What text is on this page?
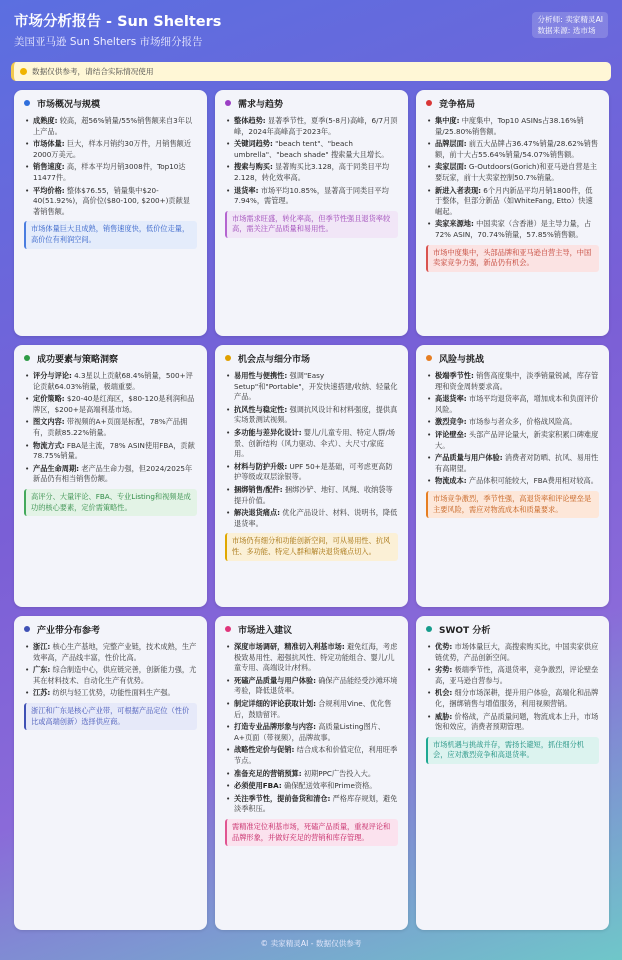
市场分析报告 - Sun Shelters
美国亚马逊 Sun Shelters 市场细分报告
分析师: 卖家精灵AI
数据来源: 选市场
数据仅供参考，请结合实际情况使用
市场概况与规模
• 成熟度: 较高，超56%销量/55%销售额来自3年以上产品。
• 市场体量: 巨大，样本月销约30万件，月销售额近2000万美元。
• 销售速度: 高，样本平均月销3008件，Top10达11477件。
• 平均价格: 整体$76.55，销量集中$20-40(51.92%)，高价位($80-100, $200+)贡献显著销售额。
市场体量巨大且成熟，销售速度快，低价位走量，高价位有利润空间。
需求与趋势
• 整体趋势: 显著季节性，夏季(5-8月)高峰，6/7月顶峰，2024年高峰高于2023年。
• 关键词趋势: "beach tent"、"beach umbrella"、"beach shade" 搜索量大且增长。
• 搜索与购买: 显著购买比3.128，高于同类目平均2.128，转化效率高。
• 退货率: 市场平均10.85%，显著高于同类目平均7.94%，需管理。
市场需求旺盛，转化率高，但季节性强且退货率较高，需关注产品质量和易用性。
竞争格局
• 集中度: 中度集中，Top10 ASINs占38.16%销量/25.80%销售额。
• 品牌层面: 前五大品牌占36.47%销量/28.62%销售额，前十大占55.64%销量/54.07%销售额。
• 卖家层面: G-Outdoors(Gorich)和亚马逊自营是主要玩家，前十大卖家控制50.7%销量。
• 新进入者表现: 6个月内新品平均月销1800件，低于整体，但部分新品（如WhiteFang, Etto）快速崛起。
• 卖家来源地: 中国卖家（含香港）是主导力量，占72% ASIN，70.74%销量，57.85%销售额。
市场中度集中，头部品牌和亚马逊自营主导，中国卖家竞争力强，新品仍有机会。
成功要素与策略洞察
• 评分与评论: 4.3星以上贡献68.4%销量，500+评论贡献64.03%销量，极端重要。
• 定价策略: $20-40是红海区，$80-120是利润和品牌区，$200+是高端利基市场。
• 图文内容: 带视频的A+页面是标配，78%产品拥有，贡献85.22%销量。
• 物流方式: FBA是主流，78% ASIN使用FBA，贡献78.75%销量。
• 产品生命周期: 老产品生命力强，但2024/2025年新品仍有相当销售份额。
高评分、大量评论、FBA、专业Listing和视频是成功的核心要素，定价需策略性。
机会点与细分市场
• 易用性与便携性: 强调"Easy Setup"和"Portable"，开发快速搭建/收纳、轻量化产品。
• 抗风性与稳定性: 强调抗风设计和材料强度，提供真实场景测试视频。
• 多功能与差异化设计: 婴儿/儿童专用、特定人群/场景、创新结构（风力驱动、伞式）、大尺寸/家庭用。
• 材料与防护升级: UPF 50+是基础，可考虑更高防护等级或双层涂银等。
• 捆绑销售/配件: 捆绑沙铲、地钉、风绳、收纳袋等提升价值。
• 解决退货痛点: 优化产品设计、材料、说明书，降低退货率。
市场仍有细分和功能创新空间，可从易用性、抗风性、多功能、特定人群和解决退货痛点切入。
风险与挑战
• 极端季节性: 销售高度集中，淡季销量锐减，库存管理和资金周转要求高。
• 高退货率: 市场平均退货率高，增加成本和负面评价风险。
• 激烈竞争: 市场参与者众多，价格战风险高。
• 评论壁垒: 头部产品评论量大，新卖家积累口碑难度大。
• 产品质量与用户体验: 消费者对防晒、抗风、易用性有高期望。
• 物流成本: 产品体积可能较大，FBA费用相对较高。
市场竞争激烈，季节性强，高退货率和评论壁垒是主要风险，需应对物流成本和质量要求。
产业带分布参考
• 浙江: 核心生产基地，完整产业链，技术成熟，生产效率高，产品线丰富，性价比高。
• 广东: 综合制造中心，供应链完善，创新能力强，尤其在材料技术、自动化生产有优势。
• 江苏: 纺织与轻工优势，功能性面料生产强。
浙江和广东是核心产业带，可根据产品定位（性价比或高端创新）选择供应商。
市场进入建议
• 深度市场调研，精准切入利基市场: 避免红海，考虑极致易用性、超强抗风性、特定功能组合、婴儿/儿童专用、高端设计/材料。
• 死磕产品质量与用户体验: 确保产品能经受沙滩环境考验，降低退货率。
• 制定详细的评论获取计划: 合规利用Vine、优化售后，鼓励留评。
• 打造专业品牌形象与内容: 高质量Listing图片、A+页面（带视频），品牌故事。
• 战略性定价与促销: 结合成本和价值定位，利用旺季节点。
• 准备充足的营销预算: 初期PPC广告投入大。
• 必须使用FBA: 确保配送效率和Prime资格。
• 关注季节性，提前备货和清仓: 严格库存规划，避免淡季积压。
需精准定位利基市场，死磕产品质量，重视评论和品牌形象，并做好充足的营销和库存管理。
SWOT 分析
• 优势: 市场体量巨大，高搜索购买比，中国卖家供应链优势，产品创新空间。
• 劣势: 极端季节性，高退货率，竞争激烈，评论壁垒高，亚马逊自营参与。
• 机会: 细分市场深耕，提升用户体验，高端化和品牌化，捆绑销售与增值服务，利用视频营销。
• 威胁: 价格战，产品质量问题，物流成本上升，市场饱和效应，消费者预期管理。
市场机遇与挑战并存，需扬长避短，抓住细分机会，应对激烈竞争和高退货率。
© 卖家精灵AI - 数据仅供参考
